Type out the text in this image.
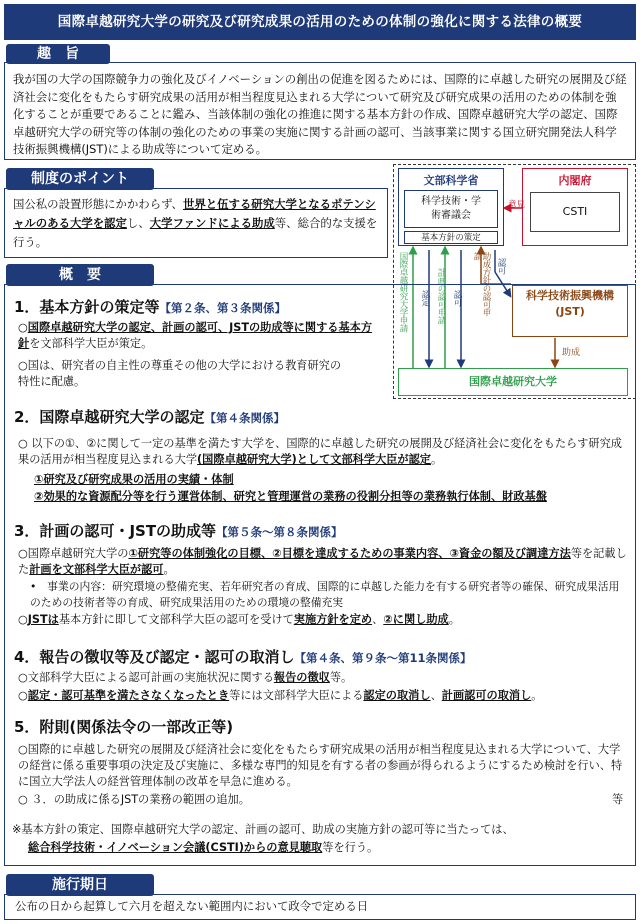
国際卓越研究大学の研究及び研究成果の活用のための体制の強化に関する法律の概要
趣　旨
我が国の大学の国際競争力の強化及びイノベーションの創出の促進を図るためには、国際的に卓越した研究の展開及び経済社会に変化をもたらす研究成果の活用が相当程度見込まれる大学について研究及び研究成果の活用のための体制を強化することが重要であることに鑑み、当該体制の強化の推進に関する基本方針の作成、国際卓越研究大学の認定、国際卓越研究大学の研究等の体制の強化のための事業の実施に関する計画の認可、当該事業に関する国立研究開発法人科学技術振興機構(JST)による助成等について定める。
制度のポイント
国公私の設置形態にかかわらず、世界と伍する研究大学となるポテンシャルのある大学を認定し、大学ファンドによる助成等、総合的な支援を行う。
文部科学省
科学技術・学術審議会
基本方針の策定
内閣府
CSTI
科学技術振興機構(JST)
国際卓越研究大学
意見
国際卓越研究大学申請 認定 計画の認可申請 認可	助成方針の認可申請
認可
助成
概　要
1．基本方針の策定等【第２条、第３条関係】
○国際卓越研究大学の認定、計画の認可、JSTの助成等に関する基本方針を文部科学大臣が策定。
○国は、研究者の自主性の尊重その他の大学における教育研究の特性に配慮。
2．国際卓越研究大学の認定【第４条関係】
○ 以下の①、②に関して一定の基準を満たす大学を、国際的に卓越した研究の展開及び経済社会に変化をもたらす研究成果の活用が相当程度見込まれる大学(国際卓越研究大学)として文部科学大臣が認定。
①研究及び研究成果の活用の実績・体制
②効果的な資源配分等を行う運営体制、研究と管理運営の業務の役割分担等の業務執行体制、財政基盤
3．計画の認可・JSTの助成等【第５条～第８条関係】
○国際卓越研究大学の①研究等の体制強化の目標、②目標を達成するための事業内容、③資金の額及び調達方法等を記載した計画を文部科学大臣が認可。
•　事業の内容：研究環境の整備充実、若年研究者の育成、国際的に卓越した能力を有する研究者等の確保、研究成果活用のための技術者等の育成、研究成果活用のための環境の整備充実
○JSTは基本方針に即して文部科学大臣の認可を受けて実施方針を定め、②に関し助成。
4．報告の徴収等及び認定・認可の取消し【第４条、第９条～第11条関係】
○文部科学大臣による認可計画の実施状況に関する報告の徴収等。
○認定・認可基準を満たさなくなったとき等には文部科学大臣による認定の取消し、計画認可の取消し。
5．附則(関係法令の一部改正等)
○国際的に卓越した研究の展開及び経済社会に変化をもたらす研究成果の活用が相当程度見込まれる大学について、大学の経営に係る重要事項の決定及び実施に、多様な専門的知見を有する者の参画が得られるようにするため検討を行い、特に国立大学法人の経営管理体制の改革を早急に進める。
○ ３．の助成に係るJSTの業務の範囲の追加。	等
※基本方針の策定、国際卓越研究大学の認定、計画の認可、助成の実施方針の認可等に当たっては、
総合科学技術・イノベーション会議(CSTI)からの意見聴取等を行う。
施行期日
公布の日から起算して六月を超えない範囲内において政令で定める日
